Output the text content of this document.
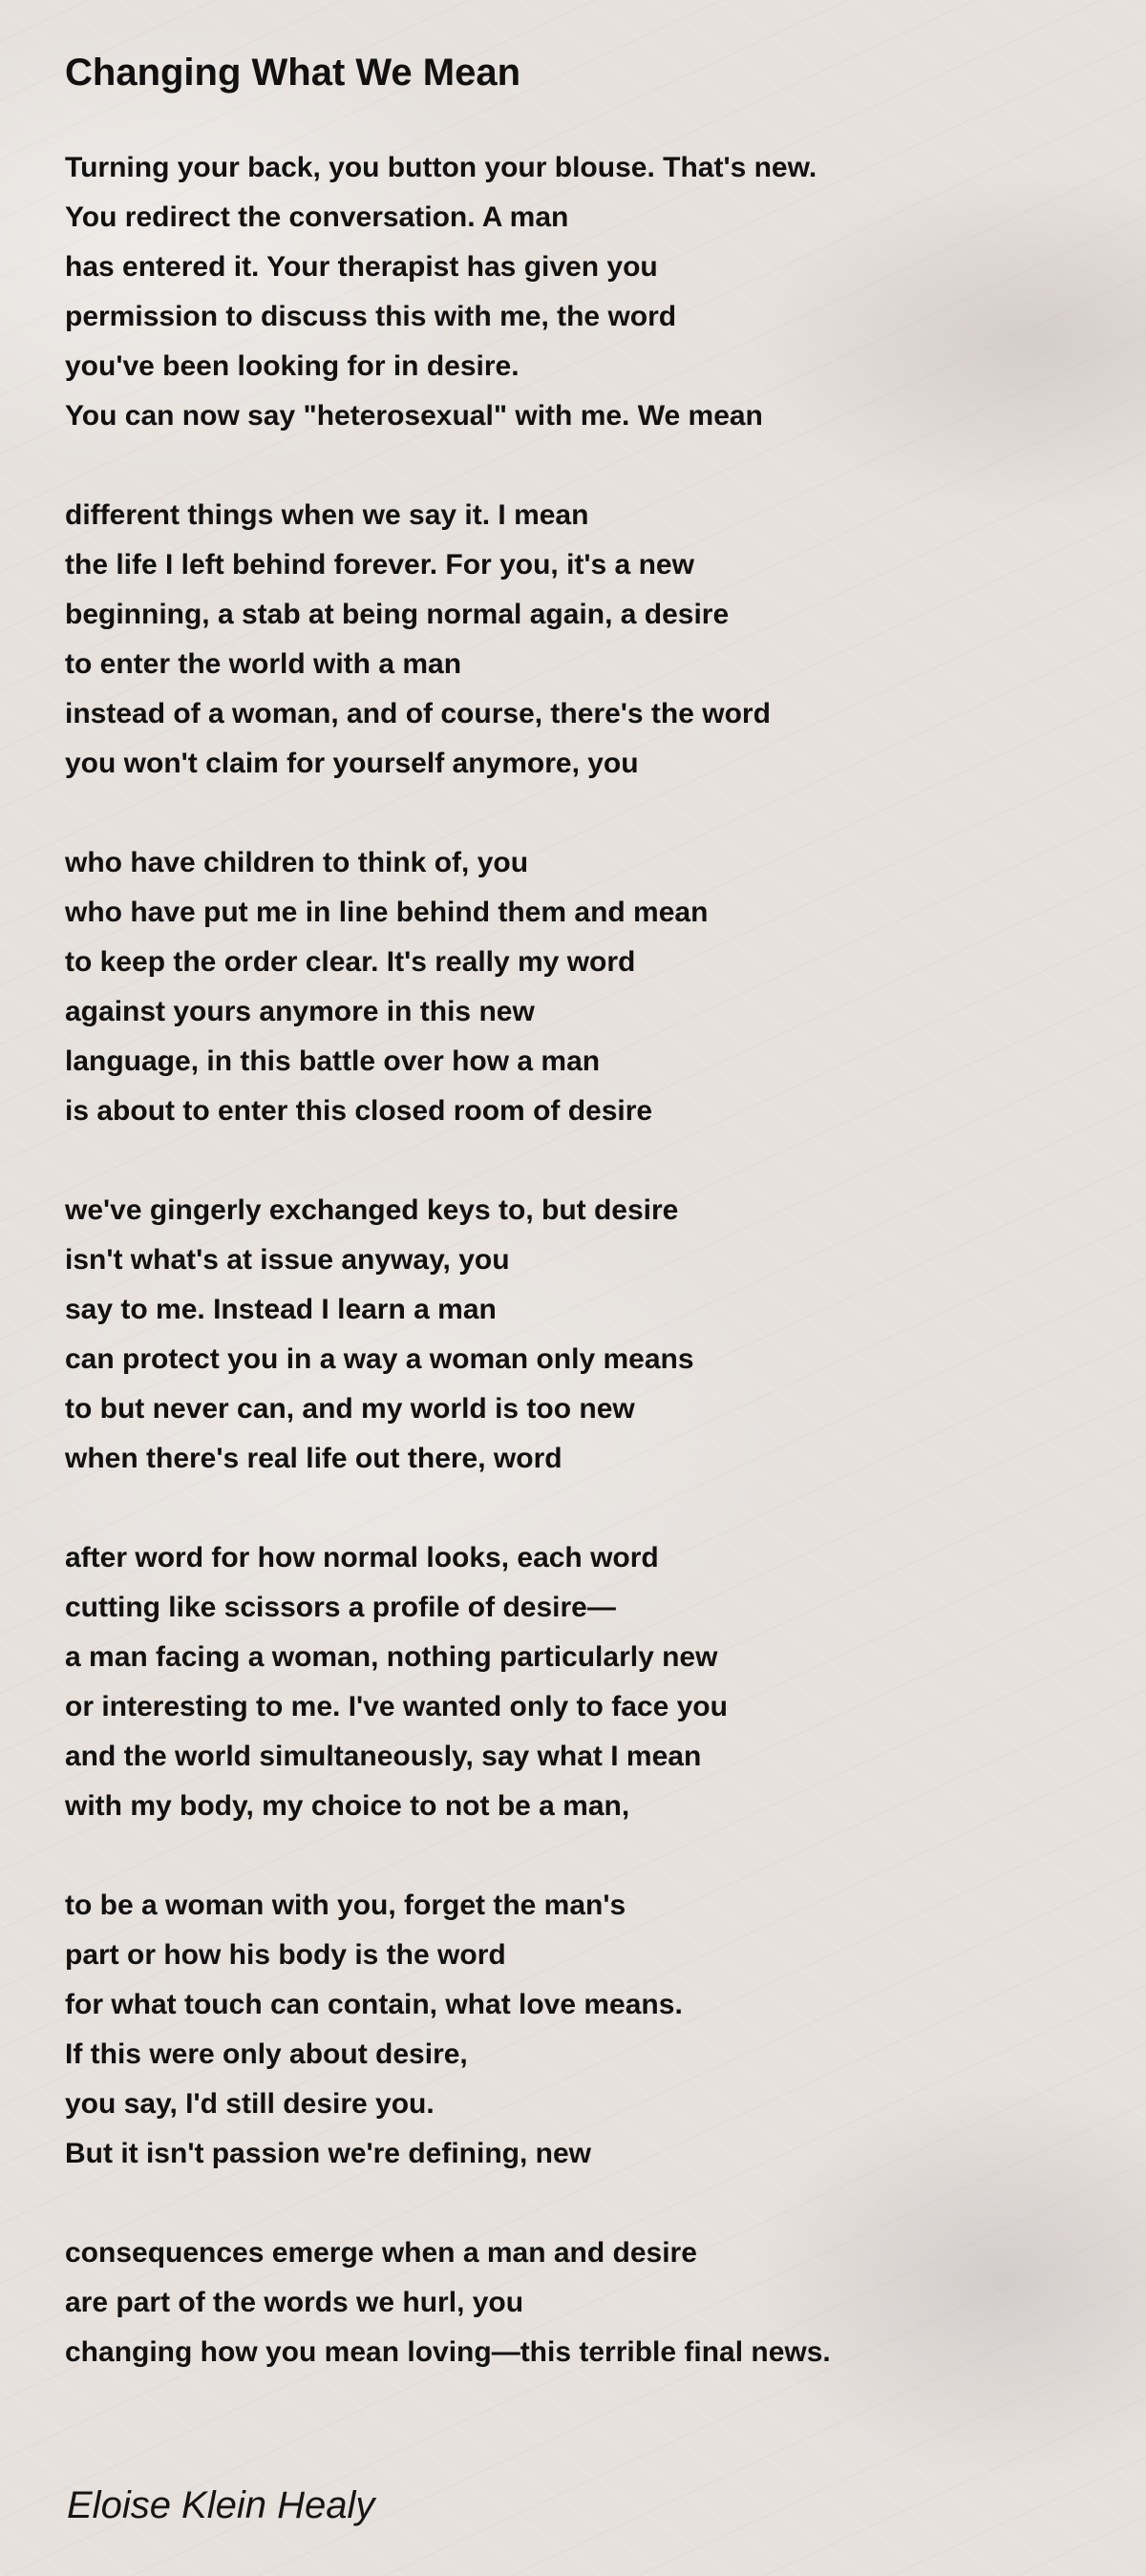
Changing What We Mean
Turning your back, you button your blouse. That's new.
You redirect the conversation. A man
has entered it. Your therapist has given you
permission to discuss this with me, the word
you've been looking for in desire.
You can now say "heterosexual" with me. We mean
different things when we say it. I mean
the life I left behind forever. For you, it's a new
beginning, a stab at being normal again, a desire
to enter the world with a man
instead of a woman, and of course, there's the word
you won't claim for yourself anymore, you
who have children to think of, you
who have put me in line behind them and mean
to keep the order clear. It's really my word
against yours anymore in this new
language, in this battle over how a man
is about to enter this closed room of desire
we've gingerly exchanged keys to, but desire
isn't what's at issue anyway, you
say to me. Instead I learn a man
can protect you in a way a woman only means
to but never can, and my world is too new
when there's real life out there, word
after word for how normal looks, each word
cutting like scissors a profile of desire—
a man facing a woman, nothing particularly new
or interesting to me. I've wanted only to face you
and the world simultaneously, say what I mean
with my body, my choice to not be a man,
to be a woman with you, forget the man's
part or how his body is the word
for what touch can contain, what love means.
If this were only about desire,
you say, I'd still desire you.
But it isn't passion we're defining, new
consequences emerge when a man and desire
are part of the words we hurl, you
changing how you mean loving—this terrible final news.

Eloise Klein Healy
